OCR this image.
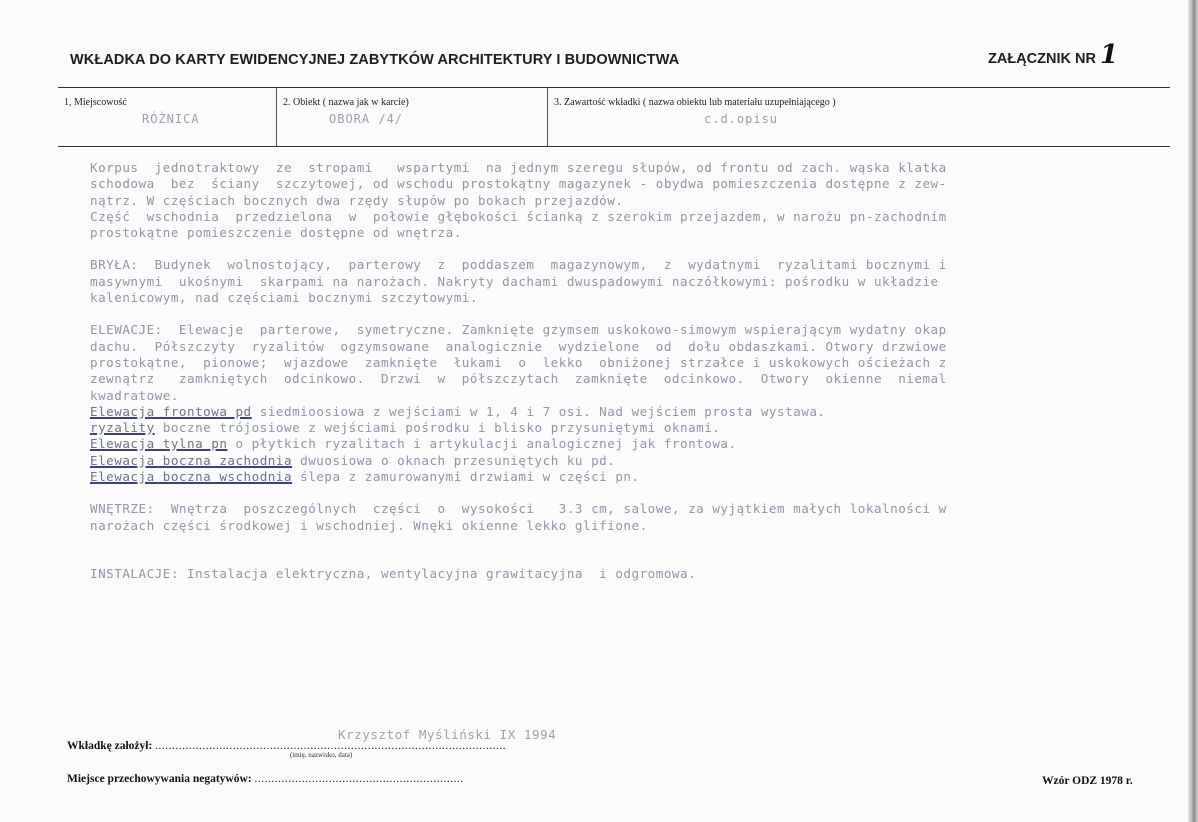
WKŁADKA DO KARTY EWIDENCYJNEJ ZABYTKÓW ARCHITEKTURY I BUDOWNICTWA	ZAŁĄCZNIK NR 1
1, Miejscowość
RÓŻNICA
2. Obiekt ( nazwa jak w karcie)
OBORA /4/
3. Zawartość wkładki ( nazwa obiektu lub materiału uzupełniającego )
c.d.opisu

Korpus  jednotraktowy  ze  stropami   wspartymi  na jednym szeregu słupów, od frontu od zach. wąska klatka

schodowa  bez  ściany  szczytowej, od wschodu prostokątny magazynek - obydwa pomieszczenia dostępne z zew-

nątrz. W częściach bocznych dwa rzędy słupów po bokach przejazdów.

Część  wschodnia  przedzielona  w  połowie głębokości ścianką z szerokim przejazdem, w narożu pn-zachodnim

prostokątne pomieszczenie dostępne od wnętrza.

BRYŁA:  Budynek  wolnostojący,  parterowy  z  poddaszem  magazynowym,  z  wydatnymi  ryzalitami bocznymi i

masywnymi  ukośnymi  skarpami na narożach. Nakryty dachami dwuspadowymi naczółkowymi: pośrodku w układzie

kalenicowym, nad częściami bocznymi szczytowymi.

ELEWACJE:  Elewacje  parterowe,  symetryczne. Zamknięte gzymsem uskokowo-simowym wspierającym wydatny okap

dachu.  Półszczyty  ryzalitów  ogzymsowane  analogicznie  wydzielone  od  dołu obdaszkami. Otwory drzwiowe

prostokątne,  pionowe;  wjazdowe  zamknięte  łukami  o  lekko  obniżonej strzałce i uskokowych ościeżach z

zewnątrz   zamkniętych  odcinkowo.  Drzwi  w  półszczytach  zamknięte  odcinkowo.  Otwory  okienne  niemal

kwadratowe.

Elewacja frontowa pd siedmioosiowa z wejściami w 1, 4 i 7 osi. Nad wejściem prosta wystawa.

ryzality boczne trójosiowe z wejściami pośrodku i blisko przysuniętymi oknami.

Elewacja tylna pn o płytkich ryzalitach i artykulacji analogicznej jak frontowa.

Elewacja boczna zachodnia dwuosiowa o oknach przesuniętych ku pd.

Elewacja boczna wschodnia ślepa z zamurowanymi drzwiami w części pn.

WNĘTRZE:  Wnętrza  poszczególnych  części  o  wysokości   3.3 cm, salowe, za wyjątkiem małych lokalności w

narożach części środkowej i wschodniej. Wnęki okienne lekko glifione.

INSTALACJE: Instalacja elektryczna, wentylacyjna grawitacyjna  i odgromowa.

Krzysztof Myśliński IX 1994
Wkładkę założył: ........................................................................................................
(imię, nazwisko, data)
Miejsce przechowywania negatywów: ..............................................................	Wzór ODZ 1978 r.
